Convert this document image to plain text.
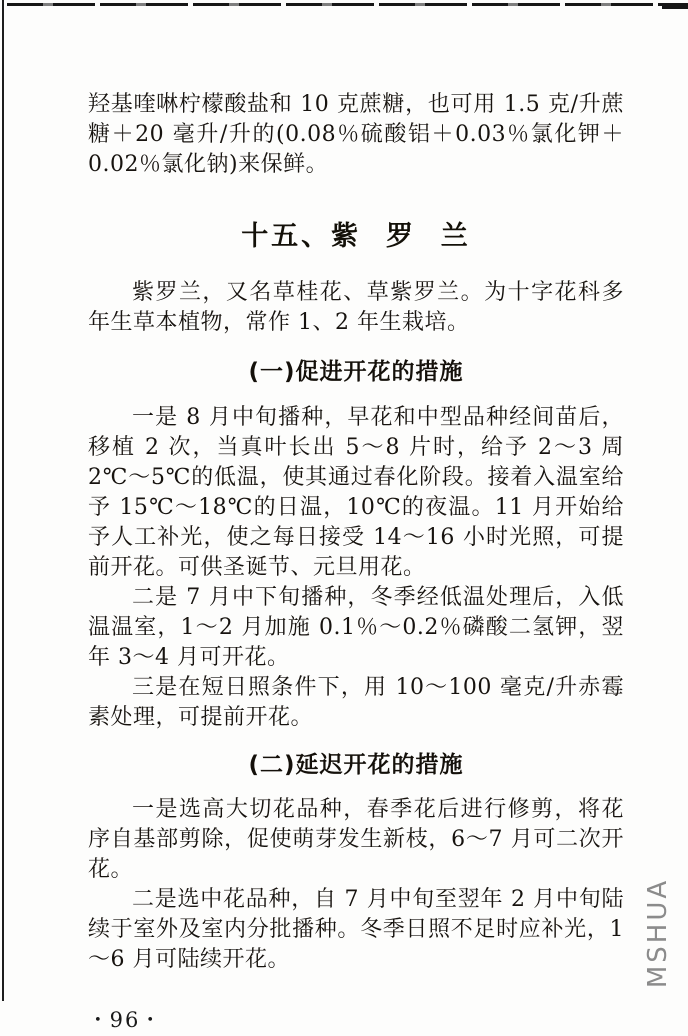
羟基喹啉柠檬酸盐和 10 克蔗糖，也可用 1.5 克/升蔗糖＋20 毫升/升的(0.08％硫酸铝＋0.03％氯化钾＋0.02％氯化钠)来保鲜。

十五、紫  罗  兰

紫罗兰，又名草桂花、草紫罗兰。为十字花科多年生草本植物，常作 1、2 年生栽培。

(一)促进开花的措施

一是 8 月中旬播种，早花和中型品种经间苗后，移植 2 次，当真叶长出 5～8 片时，给予 2～3 周 2℃～5℃的低温，使其通过春化阶段。接着入温室给予 15℃～18℃的日温，10℃的夜温。11 月开始给予人工补光，使之每日接受 14～16 小时光照，可提前开花。可供圣诞节、元旦用花。

二是 7 月中下旬播种，冬季经低温处理后，入低温温室，1～2 月加施 0.1％～0.2％磷酸二氢钾，翌年 3～4 月可开花。

三是在短日照条件下，用 10～100 毫克/升赤霉素处理，可提前开花。

(二)延迟开花的措施

一是选高大切花品种，春季花后进行修剪，将花序自基部剪除，促使萌芽发生新枝，6～7 月可二次开花。

二是选中花品种，自 7 月中旬至翌年 2 月中旬陆续于室外及室内分批播种。冬季日照不足时应补光，1～6 月可陆续开花。

• 96 •
MSHUA
